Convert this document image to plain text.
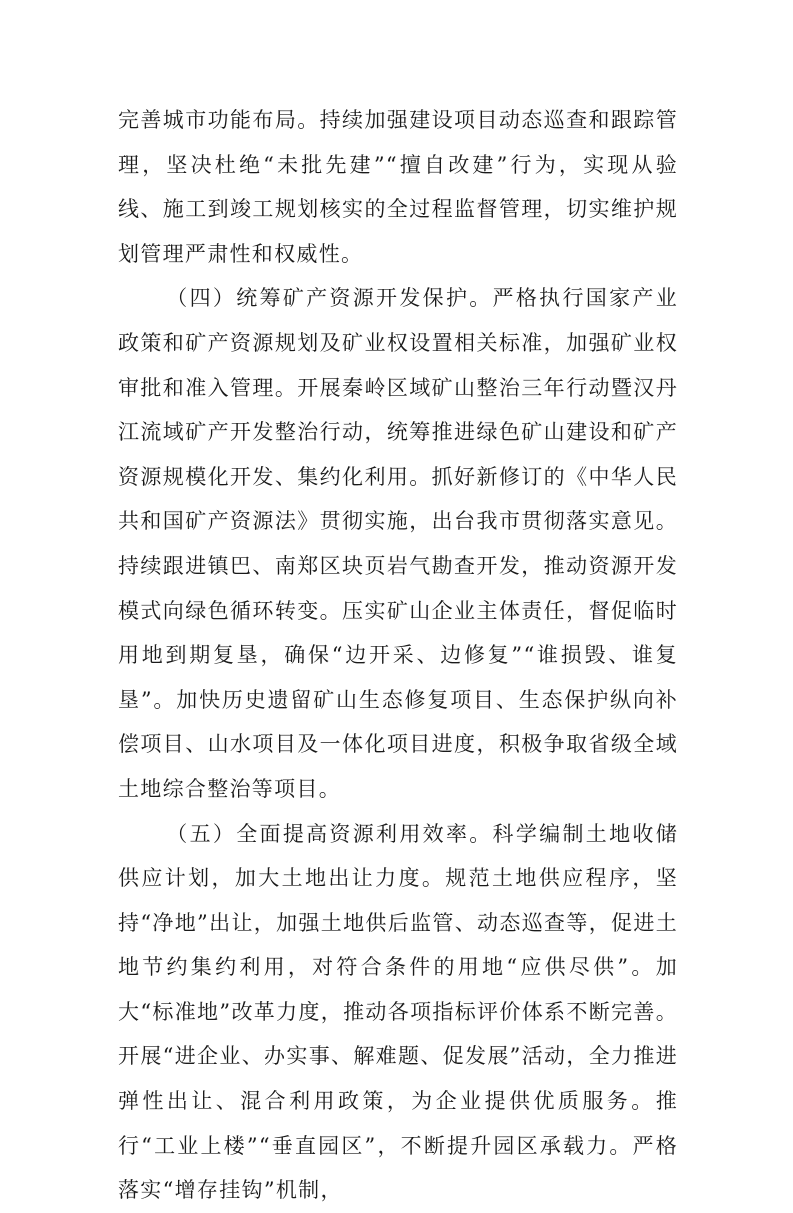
完善城市功能布局。持续加强建设项目动态巡查和跟踪管理，坚决杜绝“未批先建”“擅自改建”行为，实现从验线、施工到竣工规划核实的全过程监督管理，切实维护规划管理严肃性和权威性。

（四）统筹矿产资源开发保护。严格执行国家产业政策和矿产资源规划及矿业权设置相关标准，加强矿业权审批和准入管理。开展秦岭区域矿山整治三年行动暨汉丹江流域矿产开发整治行动，统筹推进绿色矿山建设和矿产资源规模化开发、集约化利用。抓好新修订的《中华人民共和国矿产资源法》贯彻实施，出台我市贯彻落实意见。持续跟进镇巴、南郑区块页岩气勘查开发，推动资源开发模式向绿色循环转变。压实矿山企业主体责任，督促临时用地到期复垦，确保“边开采、边修复”“谁损毁、谁复垦”。加快历史遗留矿山生态修复项目、生态保护纵向补偿项目、山水项目及一体化项目进度，积极争取省级全域土地综合整治等项目。

（五）全面提高资源利用效率。科学编制土地收储供应计划，加大土地出让力度。规范土地供应程序，坚持“净地”出让，加强土地供后监管、动态巡查等，促进土地节约集约利用，对符合条件的用地“应供尽供”。加大“标准地”改革力度，推动各项指标评价体系不断完善。开展“进企业、办实事、解难题、促发展”活动，全力推进弹性出让、混合利用政策，为企业提供优质服务。推行“工业上楼”“垂直园区”，不断提升园区承载力。严格落实“增存挂钩”机制，
